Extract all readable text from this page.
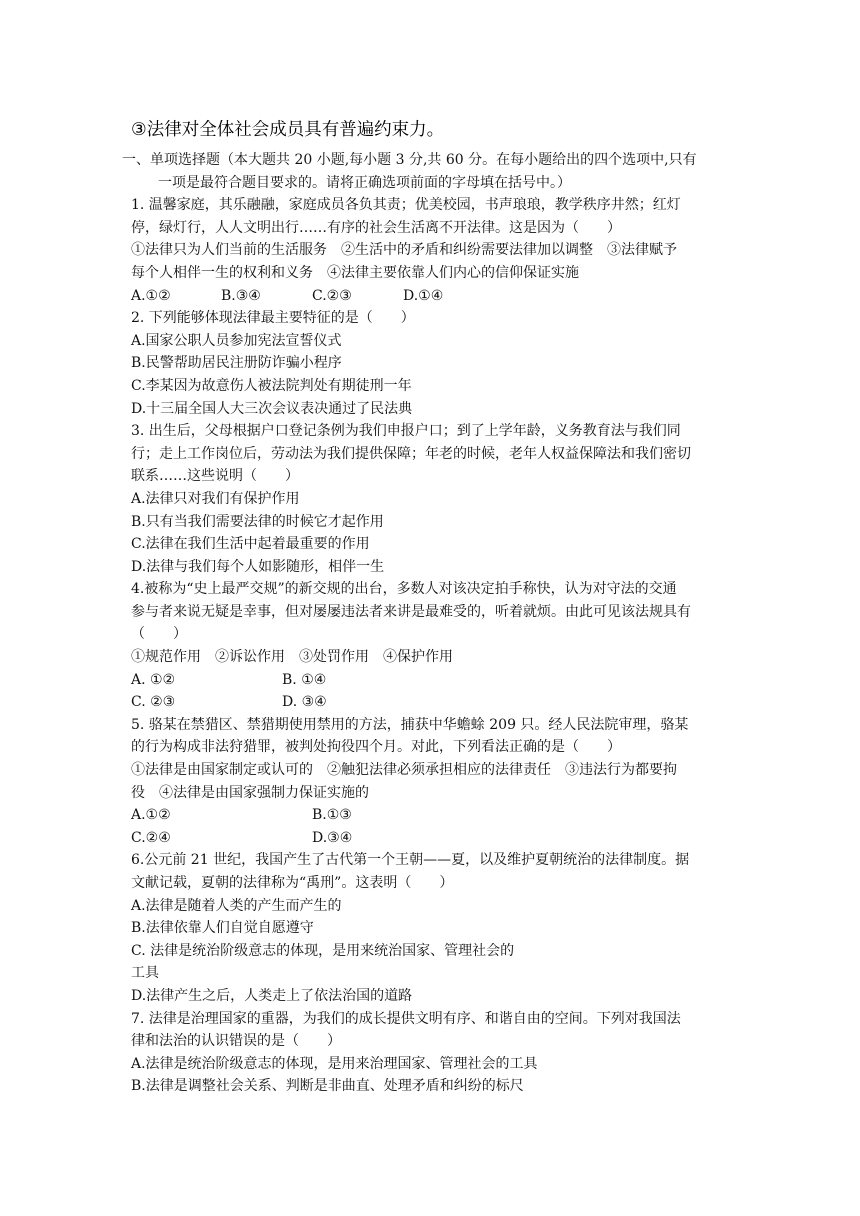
③法律对全体社会成员具有普遍约束力。
一、单项选择题（本大题共 20 小题,每小题 3 分,共 60 分。在每小题给出的四个选项中,只有
一项是最符合题目要求的。请将正确选项前面的字母填在括号中。）
1. 温馨家庭，其乐融融，家庭成员各负其责；优美校园，书声琅琅，教学秩序井然；红灯
停，绿灯行，人人文明出行……有序的社会生活离不开法律。这是因为（　　）
①法律只为人们当前的生活服务　②生活中的矛盾和纠纷需要法律加以调整　③法律赋予
每个人相伴一生的权利和义务　④法律主要依靠人们内心的信仰保证实施
A.①②	B.③④	C.②③	D.①④
2. 下列能够体现法律最主要特征的是（　　）
A.国家公职人员参加宪法宣誓仪式
B.民警帮助居民注册防诈骗小程序
C.李某因为故意伤人被法院判处有期徒刑一年
D.十三届全国人大三次会议表决通过了民法典
3. 出生后，父母根据户口登记条例为我们申报户口；到了上学年龄，义务教育法与我们同
行；走上工作岗位后，劳动法为我们提供保障；年老的时候，老年人权益保障法和我们密切
联系……这些说明（　　）
A.法律只对我们有保护作用
B.只有当我们需要法律的时候它才起作用
C.法律在我们生活中起着最重要的作用
D.法律与我们每个人如影随形，相伴一生
4.被称为“史上最严交规”的新交规的出台，多数人对该决定拍手称快，认为对守法的交通
参与者来说无疑是幸事，但对屡屡违法者来讲是最难受的，听着就烦。由此可见该法规具有
（　　）
①规范作用　②诉讼作用　③处罚作用　④保护作用
A. ①②	B. ①④
C. ②③	D. ③④
5. 骆某在禁猎区、禁猎期使用禁用的方法，捕获中华蟾蜍 209 只。经人民法院审理，骆某
的行为构成非法狩猎罪，被判处拘役四个月。对此，下列看法正确的是（　　）
①法律是由国家制定或认可的　②触犯法律必须承担相应的法律责任　③违法行为都要拘
役　④法律是由国家强制力保证实施的
A.①②	B.①③
C.②④	D.③④
6.公元前 21 世纪，我国产生了古代第一个王朝——夏，以及维护夏朝统治的法律制度。据
文献记载，夏朝的法律称为“禹刑”。这表明（　　）
A.法律是随着人类的产生而产生的
B.法律依靠人们自觉自愿遵守
C. 法律是统治阶级意志的体现，是用来统治国家、管理社会的
工具
D.法律产生之后，人类走上了依法治国的道路
7. 法律是治理国家的重器，为我们的成长提供文明有序、和谐自由的空间。下列对我国法
律和法治的认识错误的是（　　）
A.法律是统治阶级意志的体现，是用来治理国家、管理社会的工具
B.法律是调整社会关系、判断是非曲直、处理矛盾和纠纷的标尺
